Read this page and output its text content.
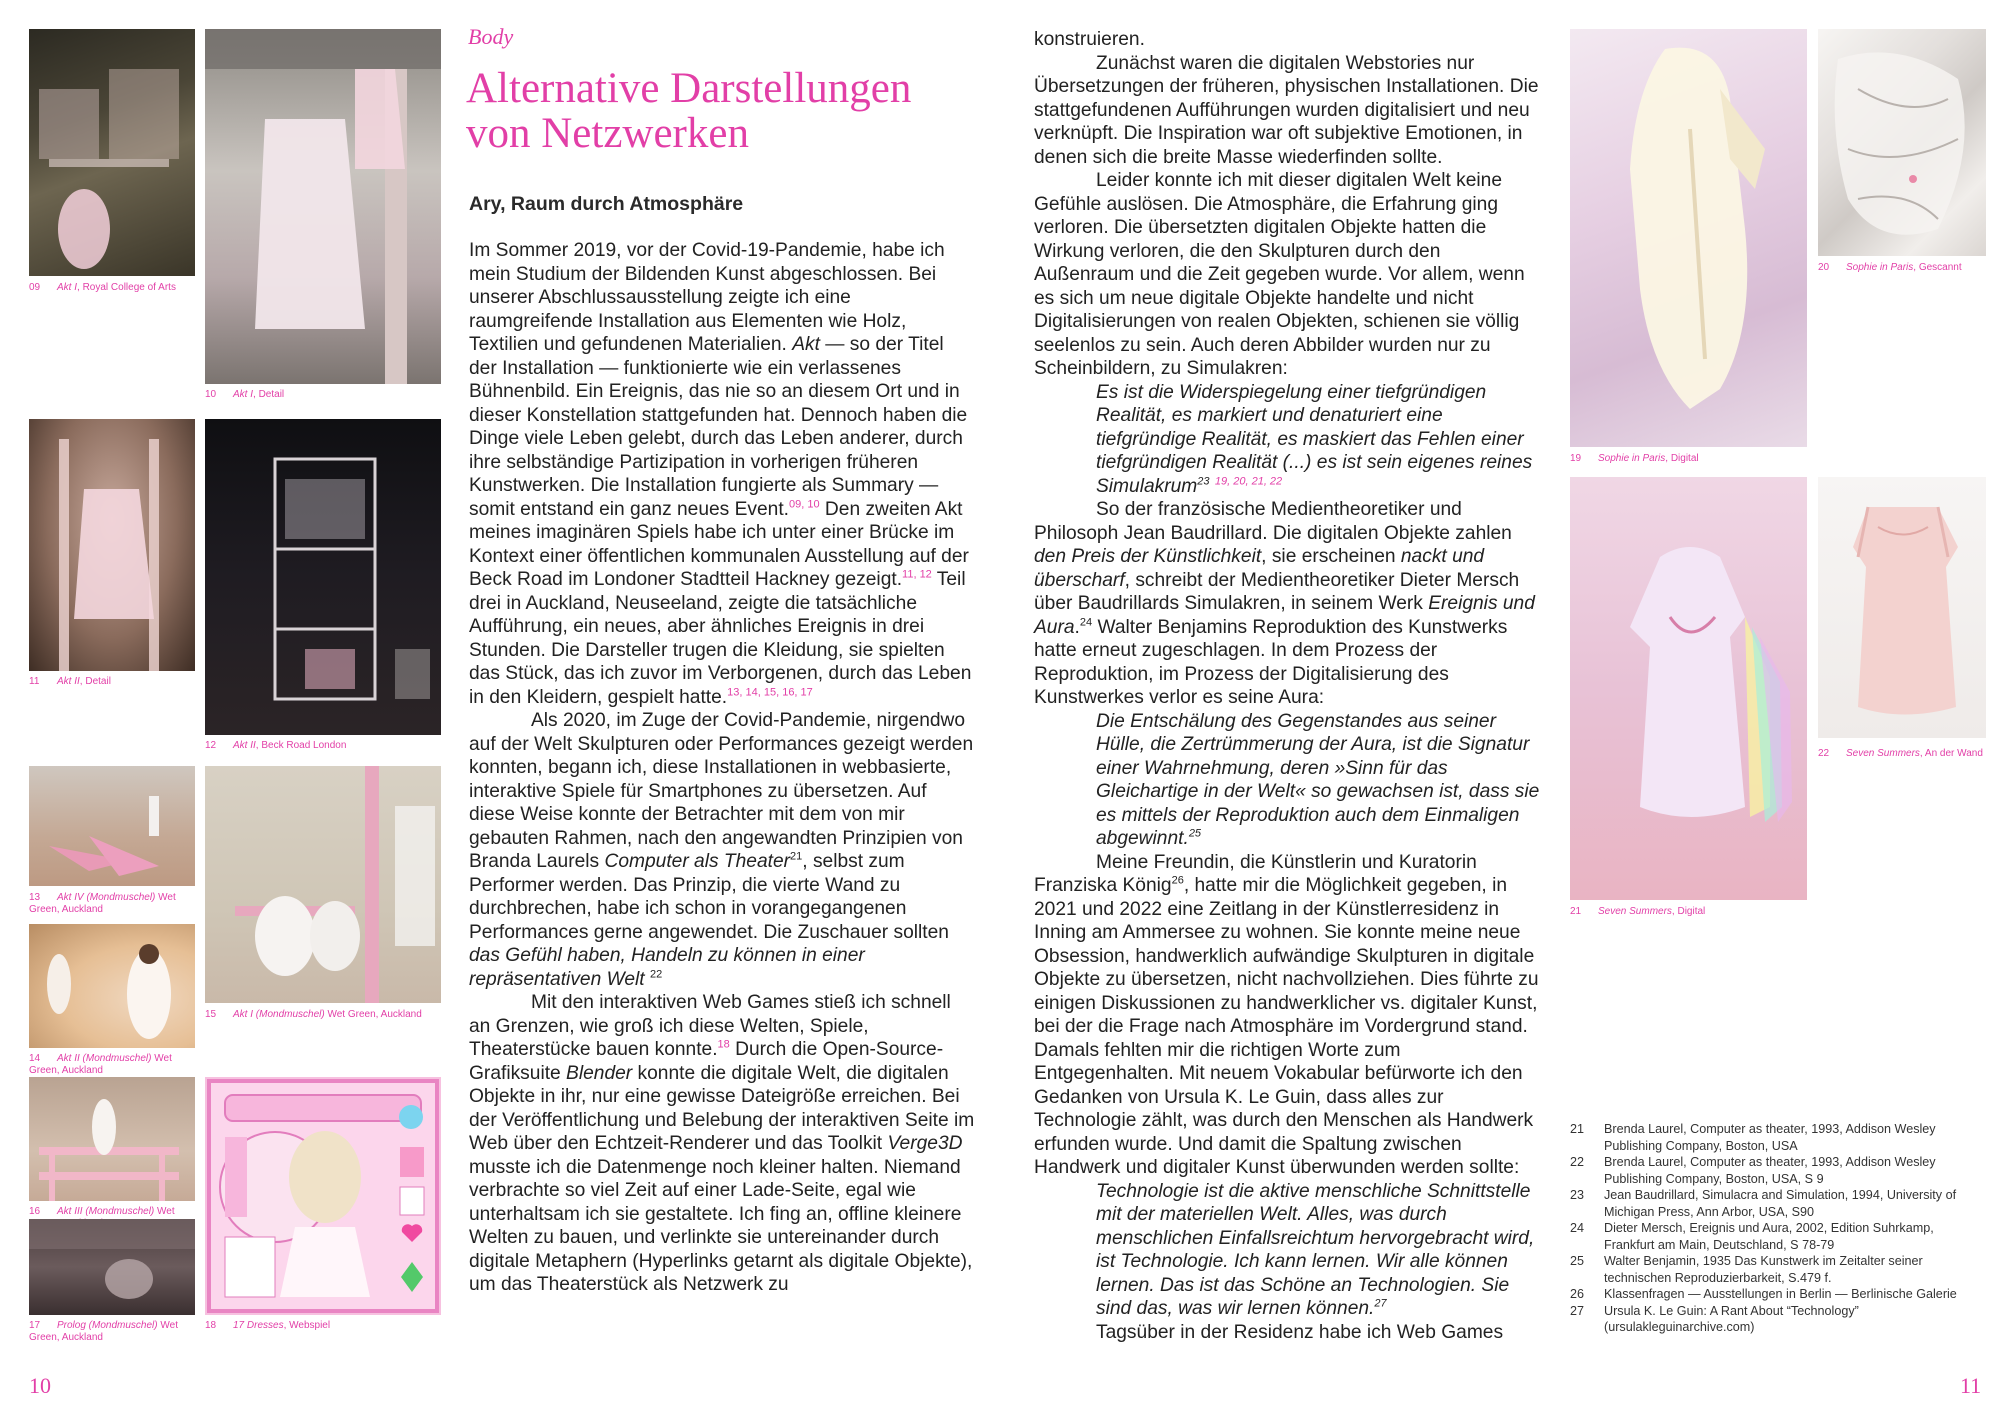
09 Akt I, Royal College of Arts
10 Akt I, Detail
11 Akt II, Detail
12 Akt II, Beck Road London
13 Akt IV (Mondmuschel) Wet Green, Auckland
15 Akt I (Mondmuschel) Wet Green, Auckland
14 Akt II (Mondmuschel) Wet Green, Auckland
16 Akt III (Mondmuschel) Wet
17 Prolog (Mondmuschel) Wet Green, Auckland
18 17 Dresses, Webspiel
Body
Alternative Darstellungen
von Netzwerken
Ary, Raum durch Atmosphäre

Im Sommer 2019, vor der Covid-19-Pandemie, habe ich mein Studium der Bildenden Kunst abgeschlossen. Bei unserer Abschlussausstellung zeigte ich eine raumgreifende Installation aus Elementen wie Holz, Textilien und gefundenen Materialien. Akt — so der Titel der Installation — funktionierte wie ein verlassenes Bühnenbild. Ein Ereignis, das nie so an diesem Ort und in dieser Konstellation stattgefunden hat. Dennoch haben die Dinge viele Leben gelebt, durch das Leben anderer, durch ihre selbständige Partizipation in vorherigen früheren Kunstwerken. Die Installation fungierte als Summary — somit entstand ein ganz neues Event.$^{09, 10}$ Den zweiten Akt meines imaginären Spiels habe ich unter einer Brücke im Kontext einer öffentlichen kommunalen Ausstellung auf der Beck Road im Londoner Stadtteil Hackney gezeigt.$^{11, 12}$ Teil drei in Auckland, Neuseeland, zeigte die tatsächliche Aufführung, ein neues, aber ähnliches Ereignis in drei Stunden. Die Darsteller trugen die Kleidung, sie spielten das Stück, das ich zuvor im Verborgenen, durch das Leben in den Kleidern, gespielt hatte.$^{13, 14, 15, 16, 17}$

Als 2020, im Zuge der Covid-Pandemie, nirgendwo auf der Welt Skulpturen oder Performances gezeigt werden konnten, begann ich, diese Installationen in webbasierte, interaktive Spiele für Smartphones zu übersetzen. Auf diese Weise konnte der Betrachter mit dem von mir gebauten Rahmen, nach den angewandten Prinzipien von Branda Laurels Computer als Theater$^{21}$, selbst zum Performer werden. Das Prinzip, die vierte Wand zu durchbrechen, habe ich schon in vorangegangenen Performances gerne angewendet. Die Zuschauer sollten das Gefühl haben, Handeln zu können in einer repräsentativen Welt $^{22}$

Mit den interaktiven Web Games stieß ich schnell an Grenzen, wie groß ich diese Welten, Spiele, Theaterstücke bauen konnte.$^{18}$ Durch die Open-Source-Grafiksuite Blender konnte die digitale Welt, die digitalen Objekte in ihr, nur eine gewisse Dateigröße erreichen. Bei der Veröffentlichung und Belebung der interaktiven Seite im Web über den Echtzeit-Renderer und das Toolkit Verge3D musste ich die Datenmenge noch kleiner halten. Niemand verbrachte so viel Zeit auf einer Lade-Seite, egal wie unterhaltsam ich sie gestaltete. Ich fing an, offline kleinere Welten zu bauen, und verlinkte sie untereinander durch digitale Metaphern (Hyperlinks getarnt als digitale Objekte), um das Theaterstück als Netzwerk zu

10

konstruieren.

Zunächst waren die digitalen Webstories nur Übersetzungen der früheren, physischen Installationen. Die stattgefundenen Aufführungen wurden digitalisiert und neu verknüpft. Die Inspiration war oft subjektive Emotionen, in denen sich die breite Masse wiederfinden sollte.

Leider konnte ich mit dieser digitalen Welt keine Gefühle auslösen. Die Atmosphäre, die Erfahrung ging verloren. Die übersetzten digitalen Objekte hatten die Wirkung verloren, die den Skulpturen durch den Außenraum und die Zeit gegeben wurde. Vor allem, wenn es sich um neue digitale Objekte handelte und nicht Digitalisierungen von realen Objekten, schienen sie völlig seelenlos zu sein. Auch deren Abbilder wurden nur zu Scheinbildern, zu Simulakren:

Es ist die Widerspiegelung einer tiefgründigen Realität, es markiert und denaturiert eine tiefgründige Realität, es maskiert das Fehlen einer tiefgründigen Realität (...) es ist sein eigenes reines Simulakrum$^{23}$ $^{19, 20, 21, 22}$

So der französische Medientheoretiker und Philosoph Jean Baudrillard. Die digitalen Objekte zahlen den Preis der Künstlichkeit, sie erscheinen nackt und überscharf, schreibt der Medientheoretiker Dieter Mersch über Baudrillards Simulakren, in seinem Werk Ereignis und Aura.$^{24}$ Walter Benjamins Reproduktion des Kunstwerks hatte erneut zugeschlagen. In dem Prozess der Reproduktion, im Prozess der Digitalisierung des Kunstwerkes verlor es seine Aura:

Die Entschälung des Gegenstandes aus seiner Hülle, die Zertrümmerung der Aura, ist die Signatur einer Wahrnehmung, deren »Sinn für das Gleichartige in der Welt« so gewachsen ist, dass sie es mittels der Reproduktion auch dem Einmaligen abgewinnt.$^{25}$

Meine Freundin, die Künstlerin und Kuratorin Franziska König$^{26}$, hatte mir die Möglichkeit gegeben, in 2021 und 2022 eine Zeitlang in der Künstlerresidenz in Inning am Ammersee zu wohnen. Sie konnte meine neue Obsession, handwerklich aufwändige Skulpturen in digitale Objekte zu übersetzen, nicht nachvollziehen. Dies führte zu einigen Diskussionen zu handwerklicher vs. digitaler Kunst, bei der die Frage nach Atmosphäre im Vordergrund stand. Damals fehlten mir die richtigen Worte zum Entgegenhalten. Mit neuem Vokabular befürworte ich den Gedanken von Ursula K. Le Guin, dass alles zur Technologie zählt, was durch den Menschen als Handwerk erfunden wurde. Und damit die Spaltung zwischen Handwerk und digitaler Kunst überwunden werden sollte:

Technologie ist die aktive menschliche Schnittstelle mit der materiellen Welt. Alles, was durch menschlichen Einfallsreichtum hervorgebracht wird, ist Technologie. Ich kann lernen. Wir alle können lernen. Das ist das Schöne an Technologien. Sie sind das, was wir lernen können.$^{27}$

Tagsüber in der Residenz habe ich Web Games

19 Sophie in Paris, Digital
20 Sophie in Paris, Gescannt
21 Seven Summers, Digital
22 Seven Summers, An der Wand
21	Brenda Laurel, Computer as theater, 1993, Addison Wesley Publishing Company, Boston, USA
22	Brenda Laurel, Computer as theater, 1993, Addison Wesley Publishing Company, Boston, USA, S 9
23	Jean Baudrillard, Simulacra and Simulation, 1994, University of Michigan Press, Ann Arbor, USA, S90
24	Dieter Mersch, Ereignis und Aura, 2002, Edition Suhrkamp, Frankfurt am Main, Deutschland, S 78-79
25	Walter Benjamin, 1935 Das Kunstwerk im Zeitalter seiner technischen Reproduzierbarkeit, S.479 f.
26	Klassenfragen — Ausstellungen in Berlin — Berlinische Galerie
27	Ursula K. Le Guin: A Rant About “Technology” (ursulakleguinarchive.com)
11
